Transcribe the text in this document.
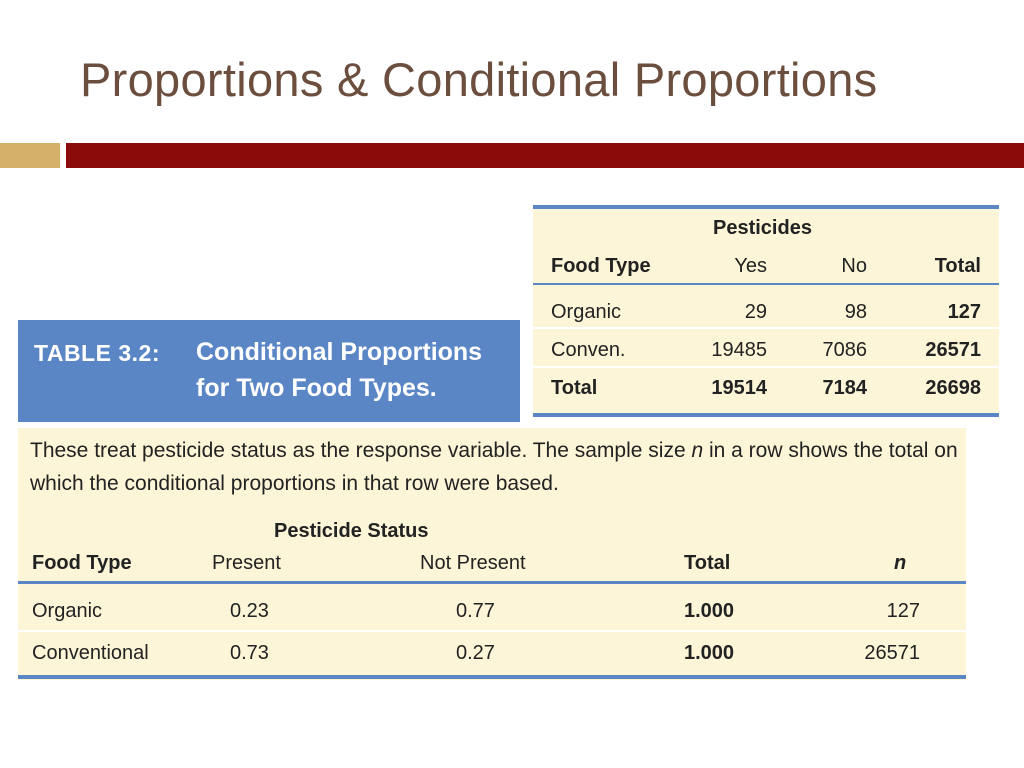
Proportions & Conditional Proportions
Pesticides
Food Type	Yes	No	Total
Organic	29	98	127
Conven.	19485	7086	26571
Total	19514	7184	26698
TABLE 3.2: Conditional Proportions
for Two Food Types.
These treat pesticide status as the response variable. The sample size n in a row shows the total on which the conditional proportions in that row were based.
Pesticide Status
Food Type	Present	Not Present	Total	n
Organic	0.23	0.77	1.000	127
Conventional	0.73	0.27	1.000	26571
